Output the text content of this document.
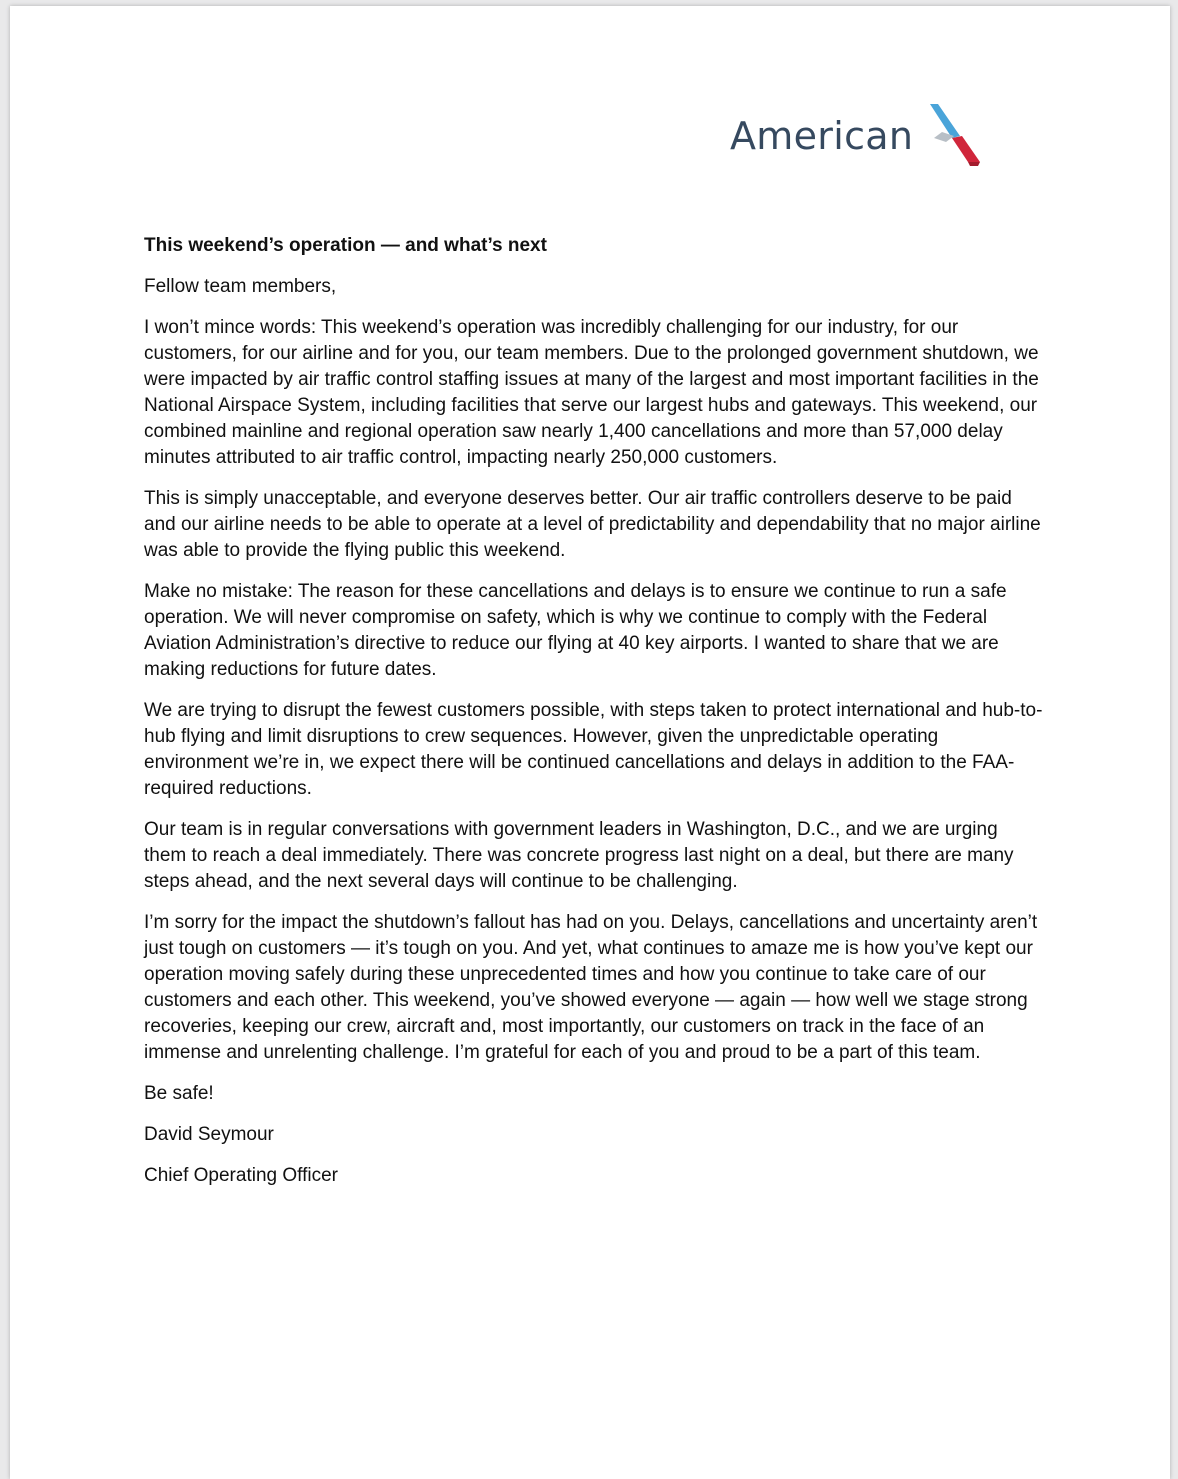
American
This weekend’s operation — and what’s next

Fellow team members,

I won’t mince words: This weekend’s operation was incredibly challenging for our industry, for our customers, for our airline and for you, our team members. Due to the prolonged government shutdown, we were impacted by air traffic control staffing issues at many of the largest and most important facilities in the National Airspace System, including facilities that serve our largest hubs and gateways. This weekend, our combined mainline and regional operation saw nearly 1,400 cancellations and more than 57,000 delay minutes attributed to air traffic control, impacting nearly 250,000 customers.

This is simply unacceptable, and everyone deserves better. Our air traffic controllers deserve to be paid and our airline needs to be able to operate at a level of predictability and dependability that no major airline was able to provide the flying public this weekend.

Make no mistake: The reason for these cancellations and delays is to ensure we continue to run a safe operation. We will never compromise on safety, which is why we continue to comply with the Federal Aviation Administration’s directive to reduce our flying at 40 key airports. I wanted to share that we are making reductions for future dates.

We are trying to disrupt the fewest customers possible, with steps taken to protect international and hub-to-hub flying and limit disruptions to crew sequences. However, given the unpredictable operating environment we’re in, we expect there will be continued cancellations and delays in addition to the FAA-required reductions.

Our team is in regular conversations with government leaders in Washington, D.C., and we are urging them to reach a deal immediately. There was concrete progress last night on a deal, but there are many steps ahead, and the next several days will continue to be challenging.

I’m sorry for the impact the shutdown’s fallout has had on you. Delays, cancellations and uncertainty aren’t just tough on customers — it’s tough on you. And yet, what continues to amaze me is how you’ve kept our operation moving safely during these unprecedented times and how you continue to take care of our customers and each other. This weekend, you’ve showed everyone — again — how well we stage strong recoveries, keeping our crew, aircraft and, most importantly, our customers on track in the face of an immense and unrelenting challenge. I’m grateful for each of you and proud to be a part of this team.

Be safe!

David Seymour

Chief Operating Officer
